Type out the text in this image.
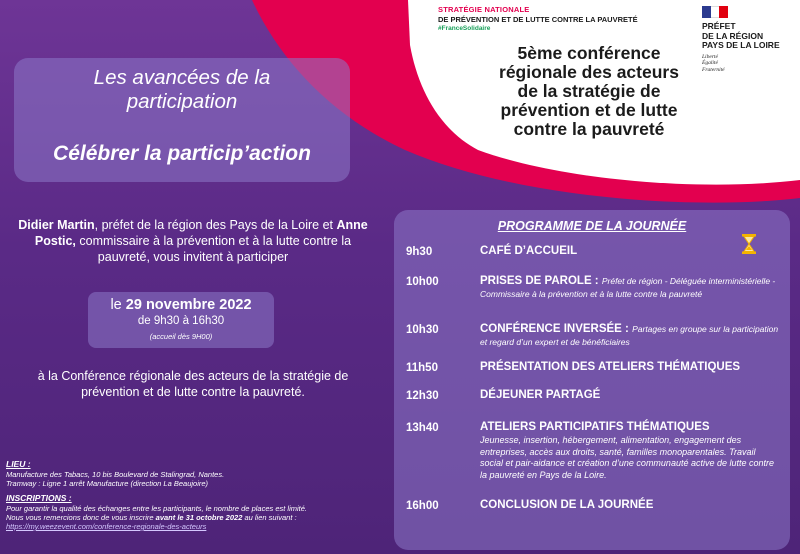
STRATÉGIE NATIONALE
DE PRÉVENTION ET DE LUTTE CONTRE LA PAUVRETÉ
#FranceSolidaire	PRÉFET
DE LA RÉGION
PAYS DE LA LOIRE
Liberté
Égalité
Fraternité
5ème conférence
régionale des acteurs
de la stratégie de
prévention et de lutte
contre la pauvreté
Les avancées de la
participation
Célébrer la particip’action
Didier Martin, préfet de la région des Pays de la Loire et Anne Postic, commissaire à la prévention et à la lutte contre la pauvreté, vous invitent à participer
le 29 novembre 2022
de 9h30 à 16h30
(accueil dès 9H00)
à la Conférence régionale des acteurs de la stratégie de prévention et de lutte contre la pauvreté.
LIEU :
Manufacture des Tabacs, 10 bis Boulevard de Stalingrad, Nantes.
Tramway : Ligne 1 arrêt Manufacture (direction La Beaujoire)
INSCRIPTIONS :
Pour garantir la qualité des échanges entre les participants, le nombre de places est limité.
Nous vous remercions donc de vous inscrire avant le 31 octobre 2022 au lien suivant :
https://my.weezevent.com/conference-regionale-des-acteurs
PROGRAMME DE LA JOURNÉE
9h30	CAFÉ D’ACCUEIL
10h00	PRISES DE PAROLE : Préfet de région - Déléguée interministérielle - Commissaire à la prévention et à la lutte contre la pauvreté
10h30	CONFÉRENCE INVERSÉE : Partages en groupe sur la participation et regard d’un expert et de bénéficiaires
11h50	PRÉSENTATION DES ATELIERS THÉMATIQUES
12h30	DÉJEUNER PARTAGÉ
13h40	ATELIERS PARTICIPATIFS THÉMATIQUES
Jeunesse, insertion, hébergement, alimentation, engagement des entreprises, accès aux droits, santé, familles monoparentales. Travail social et pair-aidance et création d’une communauté active de lutte contre la pauvreté en Pays de la Loire.
16h00	CONCLUSION DE LA JOURNÉE
